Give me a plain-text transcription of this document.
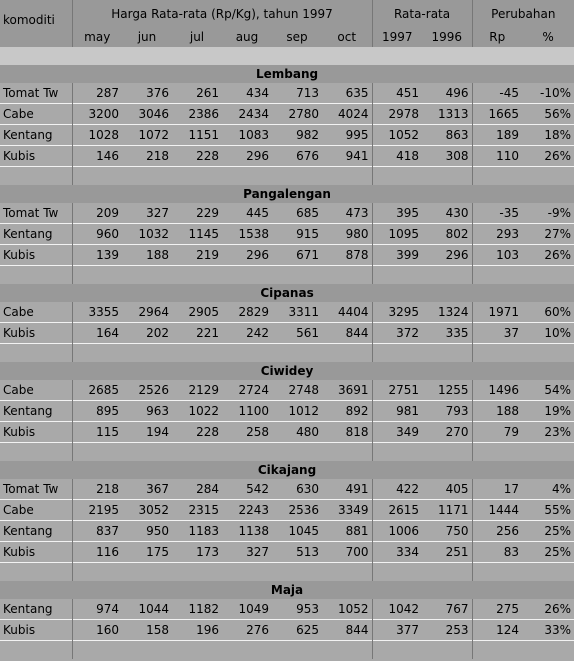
komoditi	Harga Rata-rata (Rp/Kg), tahun 1997						Rata-rata		Perubahan	
	may	jun	jul	aug	sep	oct	1997	1996	Rp	%

Lembang										
Tomat Tw	287	376	261	434	713	635	451	496	-45	-10%
Cabe	3200	3046	2386	2434	2780	4024	2978	1313	1665	56%
Kentang	1028	1072	1151	1083	982	995	1052	863	189	18%
Kubis	146	218	228	296	676	941	418	308	110	26%

Pangalengan										
Tomat Tw	209	327	229	445	685	473	395	430	-35	-9%
Kentang	960	1032	1145	1538	915	980	1095	802	293	27%
Kubis	139	188	219	296	671	878	399	296	103	26%

Cipanas										
Cabe	3355	2964	2905	2829	3311	4404	3295	1324	1971	60%
Kubis	164	202	221	242	561	844	372	335	37	10%

Ciwidey										
Cabe	2685	2526	2129	2724	2748	3691	2751	1255	1496	54%
Kentang	895	963	1022	1100	1012	892	981	793	188	19%
Kubis	115	194	228	258	480	818	349	270	79	23%

Cikajang										
Tomat Tw	218	367	284	542	630	491	422	405	17	4%
Cabe	2195	3052	2315	2243	2536	3349	2615	1171	1444	55%
Kentang	837	950	1183	1138	1045	881	1006	750	256	25%
Kubis	116	175	173	327	513	700	334	251	83	25%

Maja										
Kentang	974	1044	1182	1049	953	1052	1042	767	275	26%
Kubis	160	158	196	276	625	844	377	253	124	33%
